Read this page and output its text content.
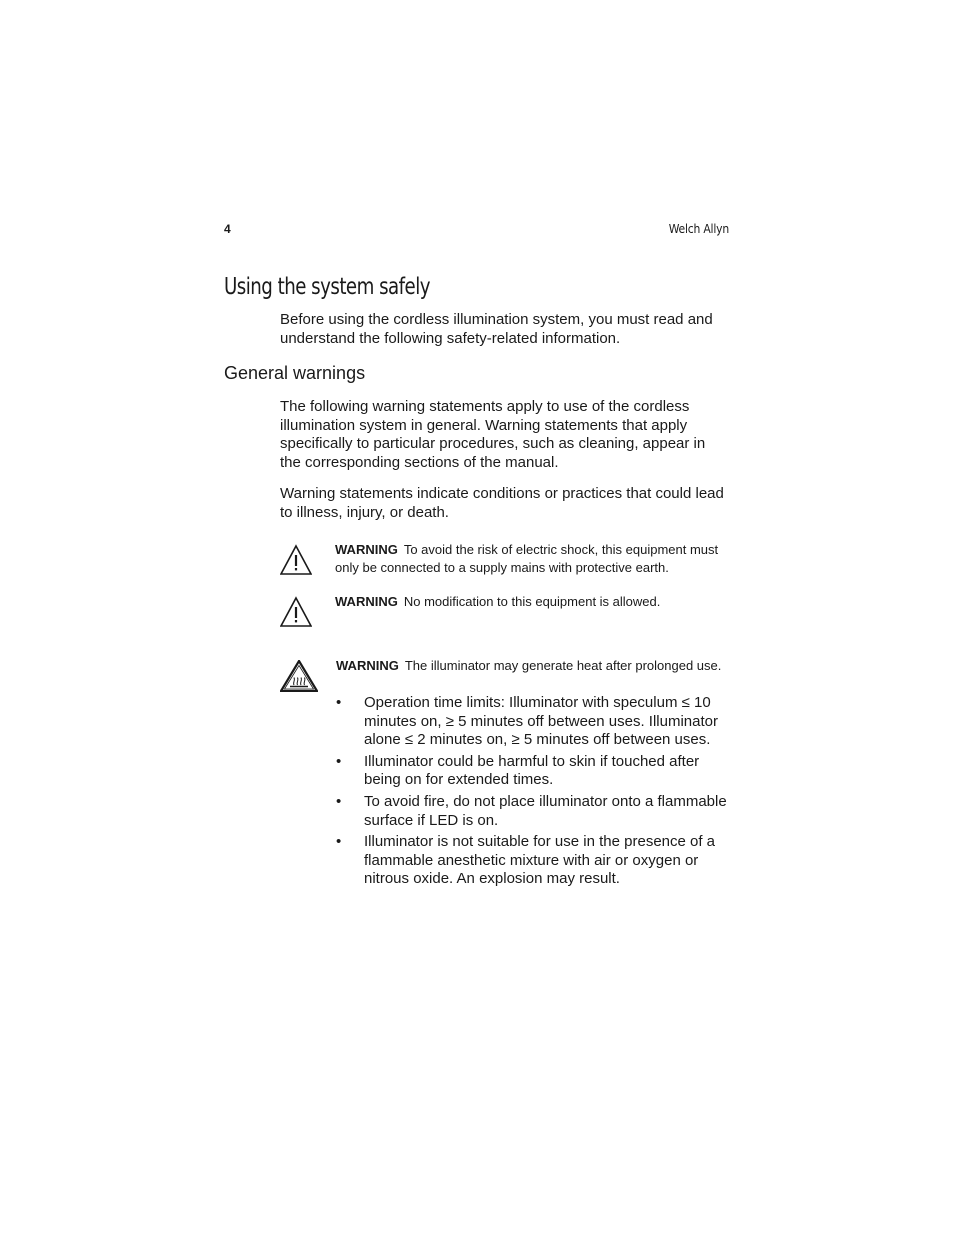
4	Welch Allyn
Using the system safely

Before using the cordless illumination system, you must read and understand the following safety-related information.

General warnings

The following warning statements apply to use of the cordless illumination system in general. Warning statements that apply specifically to particular procedures, such as cleaning, appear in the corresponding sections of the manual.

Warning statements indicate conditions or practices that could lead to illness, injury, or death.

WARNING To avoid the risk of electric shock, this equipment must only be connected to a supply mains with protective earth.
WARNING No modification to this equipment is allowed.
WARNING The illuminator may generate heat after prolonged use.
• Operation time limits: Illuminator with speculum ≤ 10 minutes on, ≥ 5 minutes off between uses. Illuminator alone ≤ 2 minutes on, ≥ 5 minutes off between uses.
• Illuminator could be harmful to skin if touched after being on for extended times.
• To avoid fire, do not place illuminator onto a flammable surface if LED is on.
• Illuminator is not suitable for use in the presence of a flammable anesthetic mixture with air or oxygen or nitrous oxide. An explosion may result.
